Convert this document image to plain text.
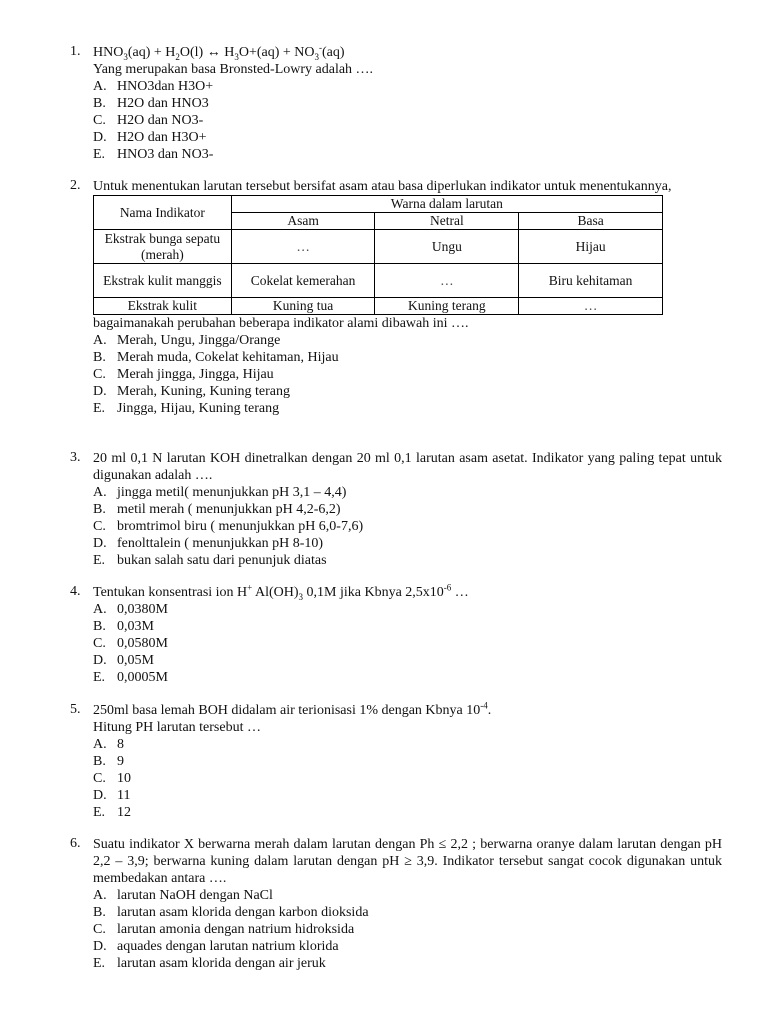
1. $HNO_3(aq) + H_2O(l)$ ↔ $H_3O+(aq) + NO_3^-(aq)$
Yang merupakan basa Bronsted-Lowry adalah ….
A. HNO3dan H3O+
B. H2O dan HNO3
C. H2O dan NO3-
D. H2O dan H3O+
E. HNO3 dan NO3-
2. Untuk menentukan larutan tersebut bersifat asam atau basa diperlukan indikator untuk menentukannya,
Nama Indikator	Warna dalam larutan		
	Asam	Netral	Basa
Ekstrak bunga sepatu (merah)	…	Ungu	Hijau
Ekstrak kulit manggis	Cokelat kemerahan	…	Biru kehitaman
Ekstrak kulit	Kuning tua	Kuning terang	…
bagaimanakah perubahan beberapa indikator alami dibawah ini ….
A. Merah, Ungu, Jingga/Orange
B. Merah muda, Cokelat kehitaman, Hijau
C. Merah jingga, Jingga, Hijau
D. Merah, Kuning, Kuning terang
E. Jingga, Hijau, Kuning terang
3. 20 ml 0,1 N larutan KOH dinetralkan dengan 20 ml 0,1 larutan asam asetat. Indikator yang paling tepat untuk digunakan adalah ….
A. jingga metil( menunjukkan pH 3,1 – 4,4)
B. metil merah ( menunjukkan pH 4,2-6,2)
C. bromtrimol biru ( menunjukkan pH 6,0-7,6)
D. fenolttalein ( menunjukkan pH 8-10)
E. bukan salah satu dari penunjuk diatas
4. Tentukan konsentrasi ion H+ $Al(OH)_3$ 0,1M jika Kbnya $2,5x10^{-6}$ …
A. 0,0380M
B. 0,03M
C. 0,0580M
D. 0,05M
E. 0,0005M
5. 250ml basa lemah BOH didalam air terionisasi 1% dengan Kbnya $10^{-4}$.
Hitung PH larutan tersebut …
A. 8
B. 9
C. 10
D. 11
E. 12
6. Suatu indikator X berwarna merah dalam larutan dengan Ph ≤ 2,2 ; berwarna oranye dalam larutan dengan pH 2,2 – 3,9; berwarna kuning dalam larutan dengan pH ≥ 3,9. Indikator tersebut sangat cocok digunakan untuk membedakan antara ….
A. larutan NaOH dengan NaCl
B. larutan asam klorida dengan karbon dioksida
C. larutan amonia dengan natrium hidroksida
D. aquades dengan larutan natrium klorida
E. larutan asam klorida dengan air jeruk
